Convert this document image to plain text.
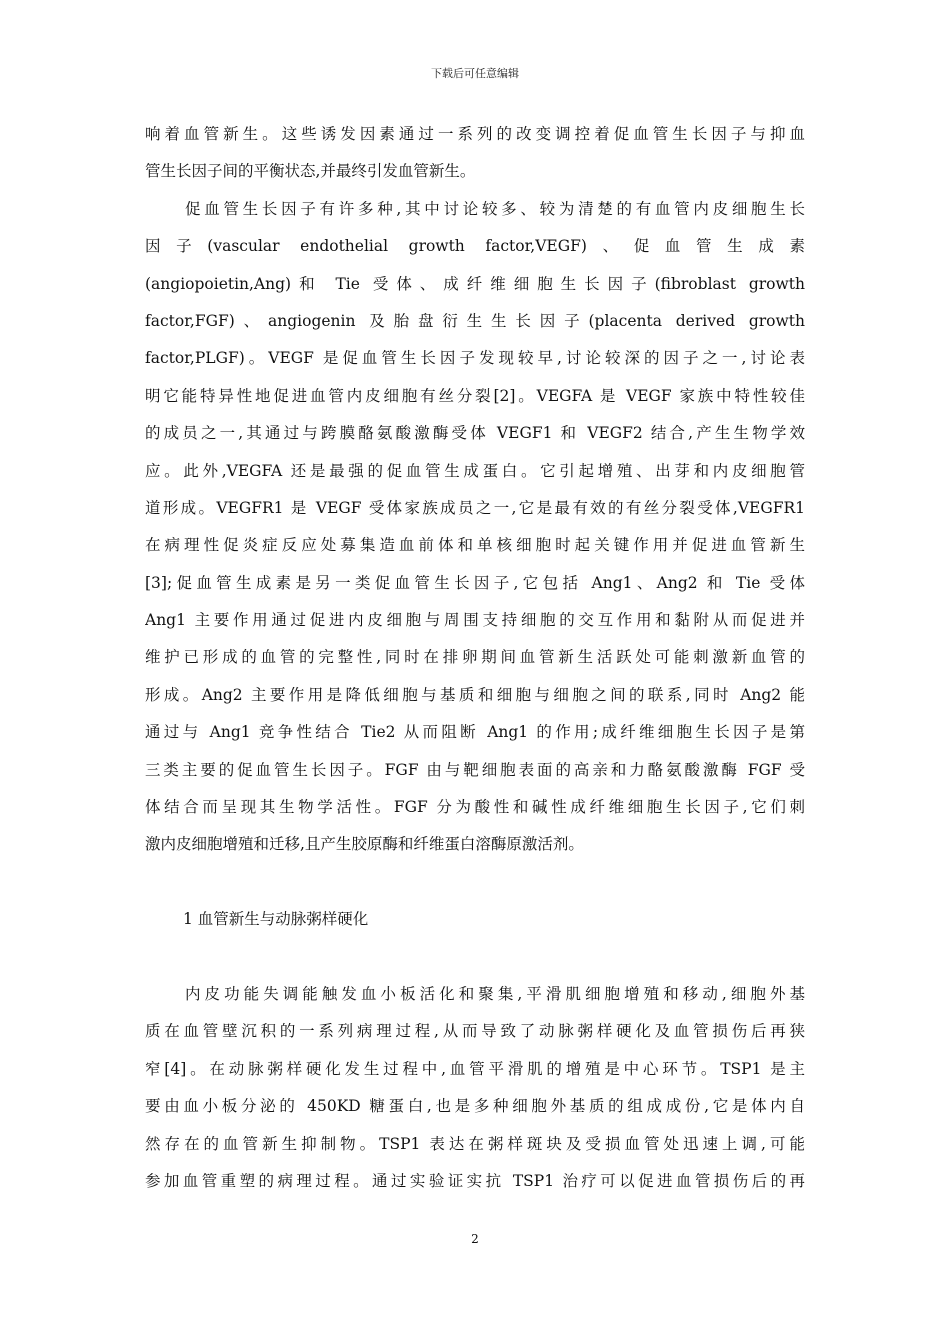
下载后可任意编辑
响着血管新生。这些诱发因素通过一系列的改变调控着促血管生长因子与抑血
管生长因子间的平衡状态,并最终引发血管新生。
促血管生长因子有许多种,其中讨论较多、较为清楚的有血管内皮细胞生长
因子(vascular endothelial growth factor,VEGF)、促血管生成素
(angiopoietin,Ang)和 Tie 受体、成纤维细胞生长因子(fibroblast growth
factor,FGF)、angiogenin 及胎盘衍生生长因子(placenta derived growth
factor,PLGF)。VEGF 是促血管生长因子发现较早,讨论较深的因子之一,讨论表
明它能特异性地促进血管内皮细胞有丝分裂[2]。VEGFA 是 VEGF 家族中特性较佳
的成员之一,其通过与跨膜酪氨酸激酶受体 VEGF1 和 VEGF2 结合,产生生物学效
应。此外,VEGFA 还是最强的促血管生成蛋白。它引起增殖、出芽和内皮细胞管
道形成。VEGFR1 是 VEGF 受体家族成员之一,它是最有效的有丝分裂受体,VEGFR1
在病理性促炎症反应处募集造血前体和单核细胞时起关键作用并促进血管新生
[3];促血管生成素是另一类促血管生长因子,它包括 Ang1、Ang2 和 Tie 受体
Ang1 主要作用通过促进内皮细胞与周围支持细胞的交互作用和黏附从而促进并
维护已形成的血管的完整性,同时在排卵期间血管新生活跃处可能刺激新血管的
形成。Ang2 主要作用是降低细胞与基质和细胞与细胞之间的联系,同时 Ang2 能
通过与 Ang1 竞争性结合 Tie2 从而阻断 Ang1 的作用;成纤维细胞生长因子是第
三类主要的促血管生长因子。FGF 由与靶细胞表面的高亲和力酪氨酸激酶 FGF 受
体结合而呈现其生物学活性。FGF 分为酸性和碱性成纤维细胞生长因子,它们刺
激内皮细胞增殖和迁移,且产生胶原酶和纤维蛋白溶酶原激活剂。
1 血管新生与动脉粥样硬化
内皮功能失调能触发血小板活化和聚集,平滑肌细胞增殖和移动,细胞外基
质在血管壁沉积的一系列病理过程,从而导致了动脉粥样硬化及血管损伤后再狭
窄[4]。在动脉粥样硬化发生过程中,血管平滑肌的增殖是中心环节。TSP1 是主
要由血小板分泌的 450KD 糖蛋白,也是多种细胞外基质的组成成份,它是体内自
然存在的血管新生抑制物。TSP1 表达在粥样斑块及受损血管处迅速上调,可能
参加血管重塑的病理过程。通过实验证实抗 TSP1 治疗可以促进血管损伤后的再
2
